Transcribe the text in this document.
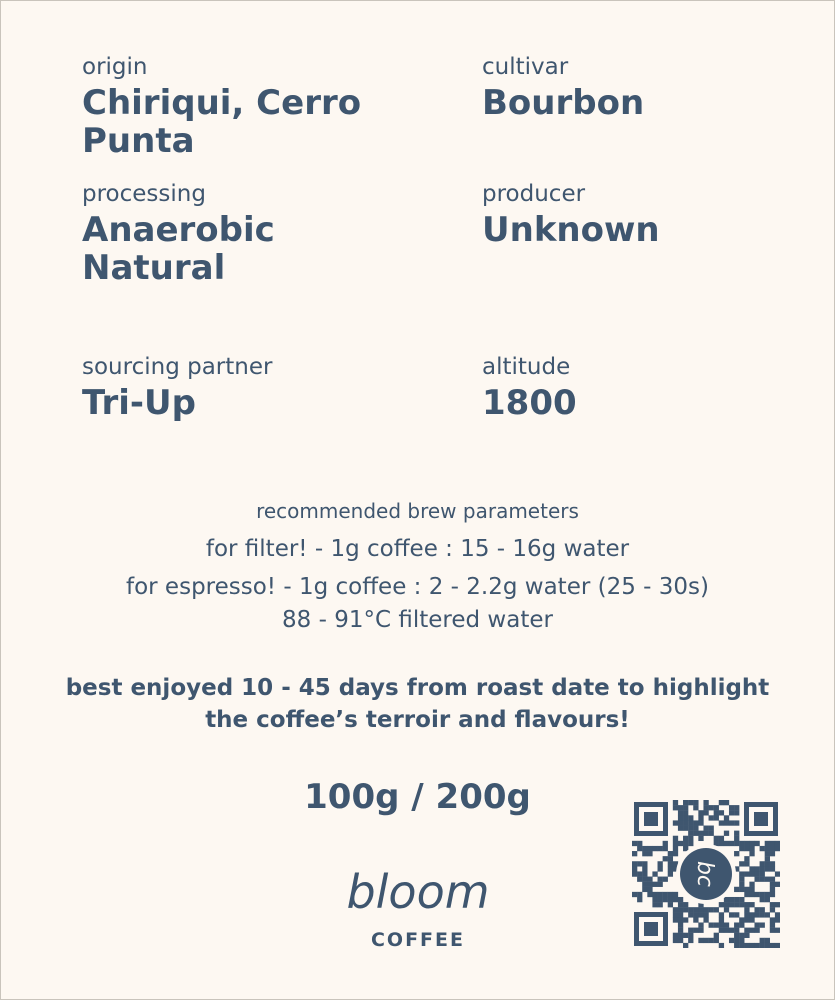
origin
Chiriqui, Cerro
Punta
cultivar
Bourbon
processing
Anaerobic
Natural
producer
Unknown
sourcing partner
Tri-Up
altitude
1800
recommended brew parameters
for filter! - 1g coffee : 15 - 16g water
for espresso! - 1g coffee : 2 - 2.2g water (25 - 30s)
88 - 91°C filtered water
best enjoyed 10 - 45 days from roast date to highlight
the coffee’s terroir and flavours!
100g / 200g
bloom
COFFEE
bc
